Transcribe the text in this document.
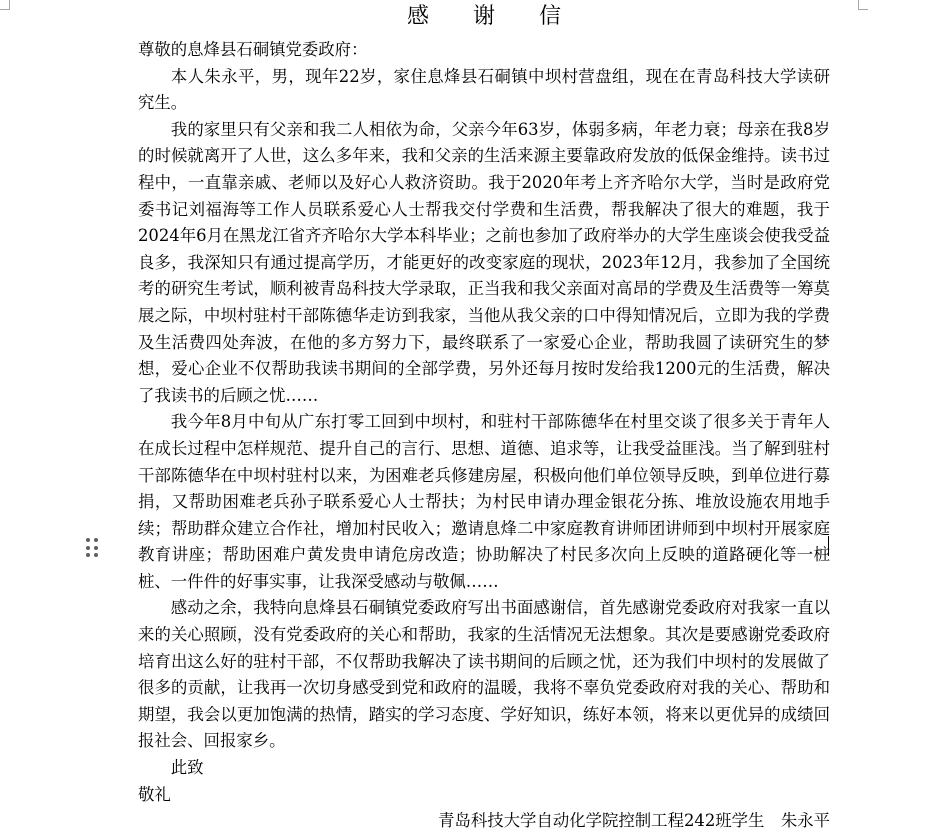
感谢信

尊敬的息烽县石硐镇党委政府：

本人朱永平，男，现年22岁，家住息烽县石硐镇中坝村营盘组，现在在青岛科技大学读研究生。

我的家里只有父亲和我二人相依为命，父亲今年63岁，体弱多病，年老力衰；母亲在我8岁的时候就离开了人世，这么多年来，我和父亲的生活来源主要靠政府发放的低保金维持。读书过程中，一直靠亲戚、老师以及好心人救济资助。我于2020年考上齐齐哈尔大学，当时是政府党委书记刘福海等工作人员联系爱心人士帮我交付学费和生活费，帮我解决了很大的难题，我于2024年6月在黑龙江省齐齐哈尔大学本科毕业；之前也参加了政府举办的大学生座谈会使我受益良多，我深知只有通过提高学历，才能更好的改变家庭的现状，2023年12月，我参加了全国统考的研究生考试，顺利被青岛科技大学录取，正当我和我父亲面对高昂的学费及生活费等一筹莫展之际，中坝村驻村干部陈德华走访到我家，当他从我父亲的口中得知情况后，立即为我的学费及生活费四处奔波，在他的多方努力下，最终联系了一家爱心企业，帮助我圆了读研究生的梦想，爱心企业不仅帮助我读书期间的全部学费，另外还每月按时发给我1200元的生活费，解决了我读书的后顾之忧……

我今年8月中旬从广东打零工回到中坝村，和驻村干部陈德华在村里交谈了很多关于青年人在成长过程中怎样规范、提升自己的言行、思想、道德、追求等，让我受益匪浅。当了解到驻村干部陈德华在中坝村驻村以来，为困难老兵修建房屋，积极向他们单位领导反映，到单位进行募捐，又帮助困难老兵孙子联系爱心人士帮扶；为村民申请办理金银花分拣、堆放设施农用地手续；帮助群众建立合作社，增加村民收入；邀请息烽二中家庭教育讲师团讲师到中坝村开展家庭教育讲座；帮助困难户黄发贵申请危房改造；协助解决了村民多次向上反映的道路硬化等一桩桩、一件件的好事实事，让我深受感动与敬佩……

感动之余，我特向息烽县石硐镇党委政府写出书面感谢信，首先感谢党委政府对我家一直以来的关心照顾，没有党委政府的关心和帮助，我家的生活情况无法想象。其次是要感谢党委政府培育出这么好的驻村干部，不仅帮助我解决了读书期间的后顾之忧，还为我们中坝村的发展做了很多的贡献，让我再一次切身感受到党和政府的温暖，我将不辜负党委政府对我的关心、帮助和期望，我会以更加饱满的热情，踏实的学习态度、学好知识，练好本领，将来以更优异的成绩回报社会、回报家乡。

此致

敬礼

青岛科技大学自动化学院控制工程242班学生　朱永平
